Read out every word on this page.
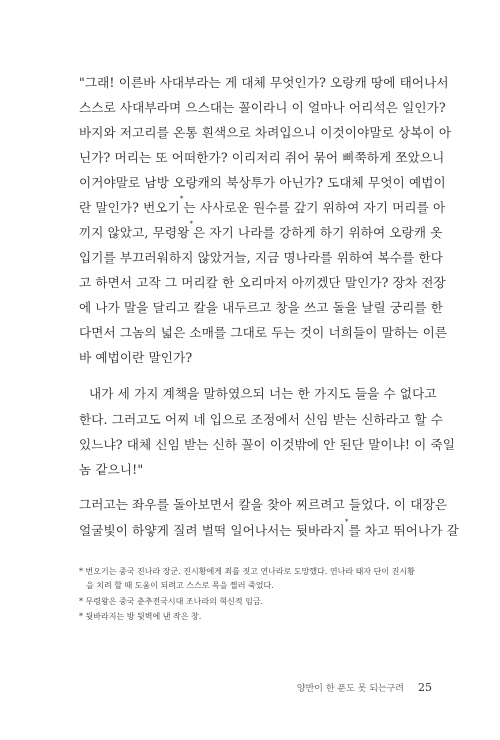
"그래! 이른바 사대부라는 게 대체 무엇인가? 오랑캐 땅에 태어나서
스스로 사대부라며 으스대는 꼴이라니 이 얼마나 어리석은 일인가?
바지와 저고리를 온통 흰색으로 차려입으니 이것이야말로 상복이 아
닌가? 머리는 또 어떠한가? 이리저리 쥐어 묶어 삐쭉하게 쪼았으니
이거야말로 남방 오랑캐의 북상투가 아닌가? 도대체 무엇이 예법이
란 말인가? 번오기*는 사사로운 원수를 갚기 위하여 자기 머리를 아
끼지 않았고, 무령왕*은 자기 나라를 강하게 하기 위하여 오랑캐 옷
입기를 부끄러워하지 않았거늘, 지금 명나라를 위하여 복수를 한다
고 하면서 고작 그 머리칼 한 오리마저 아끼겠단 말인가? 장차 전장
에 나가 말을 달리고 칼을 내두르고 창을 쓰고 돌을 날릴 궁리를 한
다면서 그놈의 넓은 소매를 그대로 두는 것이 너희들이 말하는 이른
바 예법이란 말인가?
내가 세 가지 계책을 말하였으되 너는 한 가지도 들을 수 없다고
한다. 그러고도 어찌 네 입으로 조정에서 신임 받는 신하라고 할 수
있느냐? 대체 신임 받는 신하 꼴이 이것밖에 안 된단 말이냐! 이 죽일
놈 같으니!"
그러고는 좌우를 돌아보면서 칼을 찾아 찌르려고 들었다. 이 대장은
얼굴빛이 하얗게 질려 벌떡 일어나서는 뒷바라지*를 차고 뛰어나가 갈
* 번오기는 중국 진나라 장군. 진시황에게 죄를 짓고 연나라로 도망했다. 연나라 태자 단이 진시황
을 치려 할 때 도움이 되려고 스스로 목을 찔러 죽었다.
* 무령왕은 중국 춘추전국시대 조나라의 혁신적 임금.
* 뒷바라지는 방 뒷벽에 낸 작은 창.
양반이 한 푼도 못 되는구려 25
